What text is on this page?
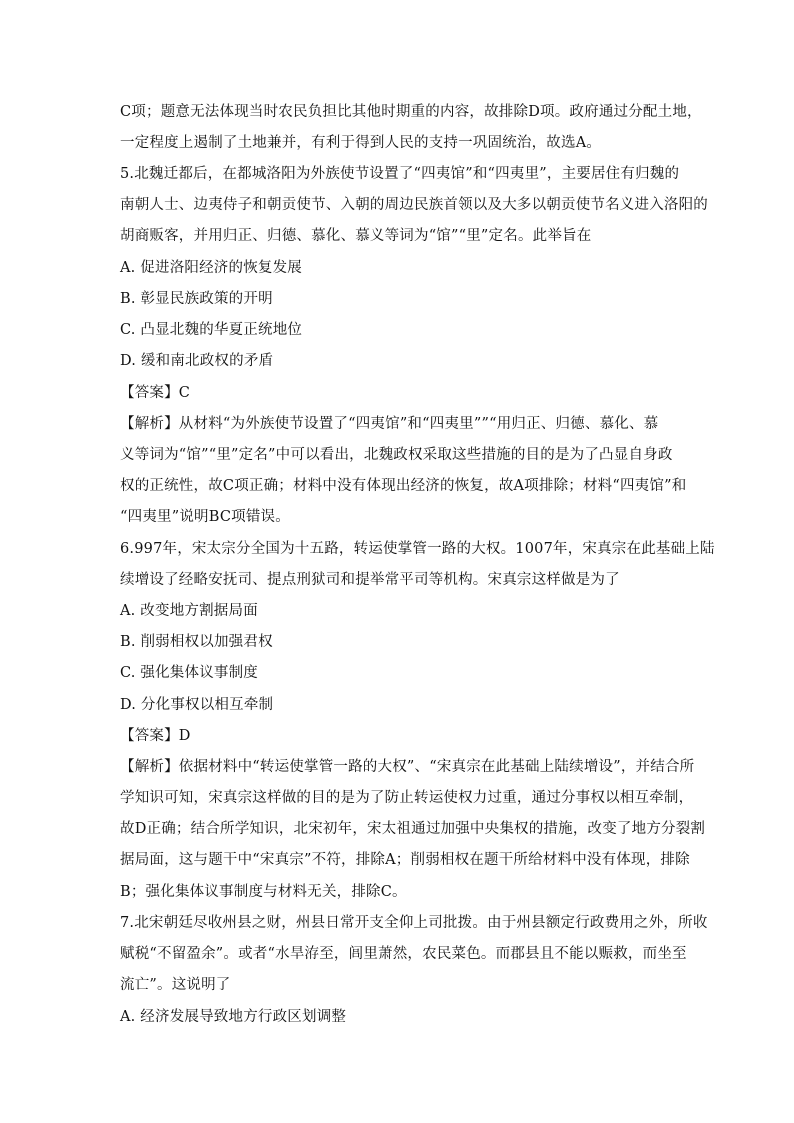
C项；题意无法体现当时农民负担比其他时期重的内容，故排除D项。政府通过分配土地，
一定程度上遏制了土地兼并，有利于得到人民的支持一巩固统治，故选A。
5.北魏迁都后，在都城洛阳为外族使节设置了“四夷馆”和“四夷里”，主要居住有归魏的
南朝人士、边夷侍子和朝贡使节、入朝的周边民族首领以及大多以朝贡使节名义进入洛阳的
胡商贩客，并用归正、归德、慕化、慕义等词为“馆”“里”定名。此举旨在
A. 促进洛阳经济的恢复发展
B. 彰显民族政策的开明
C. 凸显北魏的华夏正统地位
D. 缓和南北政权的矛盾
【答案】C
【解析】从材料“为外族使节设置了“四夷馆”和“四夷里””“用归正、归德、慕化、慕
义等词为“馆”“里”定名”中可以看出，北魏政权采取这些措施的目的是为了凸显自身政
权的正统性，故C项正确；材料中没有体现出经济的恢复，故A项排除；材料“四夷馆”和
“四夷里”说明BC项错误。
6.997年，宋太宗分全国为十五路，转运使掌管一路的大权。1007年，宋真宗在此基础上陆
续增设了经略安抚司、提点刑狱司和提举常平司等机构。宋真宗这样做是为了
A. 改变地方割据局面
B. 削弱相权以加强君权
C. 强化集体议事制度
D. 分化事权以相互牵制
【答案】D
【解析】依据材料中“转运使掌管一路的大权”、“宋真宗在此基础上陆续增设”，并结合所
学知识可知，宋真宗这样做的目的是为了防止转运使权力过重，通过分事权以相互牵制，
故D正确；结合所学知识，北宋初年，宋太祖通过加强中央集权的措施，改变了地方分裂割
据局面，这与题干中“宋真宗”不符，排除A；削弱相权在题干所给材料中没有体现，排除
B；强化集体议事制度与材料无关，排除C。
7.北宋朝廷尽收州县之财，州县日常开支全仰上司批拨。由于州县额定行政费用之外，所收
赋税“不留盈余”。或者“水旱洊至，闾里萧然，农民菜色。而郡县且不能以赈救，而坐至
流亡”。这说明了
A. 经济发展导致地方行政区划调整
